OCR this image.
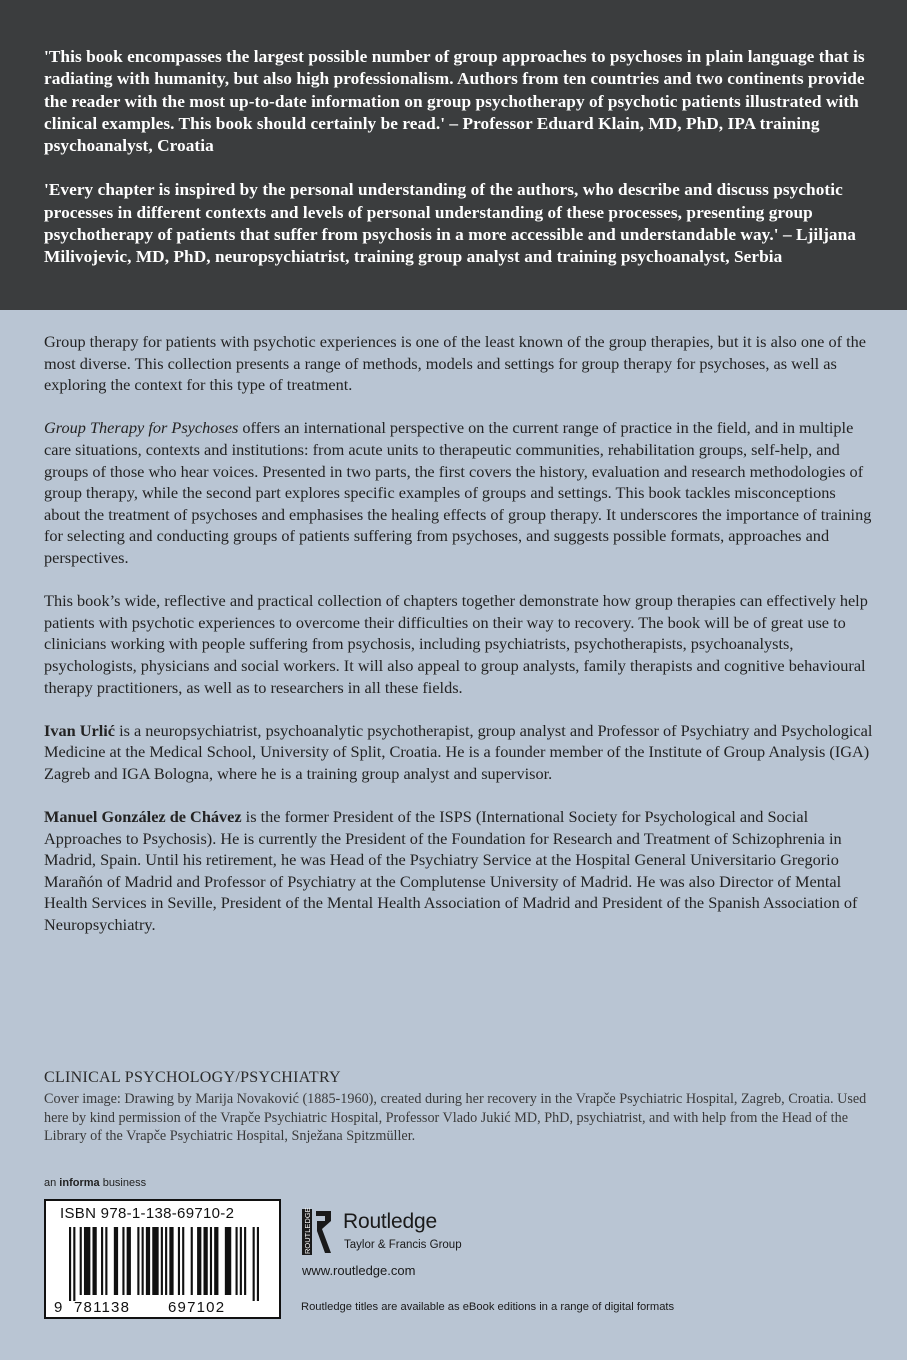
'This book encompasses the largest possible number of group approaches to psychoses in plain language that is radiating with humanity, but also high professionalism. Authors from ten countries and two continents provide the reader with the most up-to-date information on group psychotherapy of psychotic patients illustrated with clinical examples. This book should certainly be read.' – Professor Eduard Klain, MD, PhD, IPA training psychoanalyst, Croatia

'Every chapter is inspired by the personal understanding of the authors, who describe and discuss psychotic processes in different contexts and levels of personal understanding of these processes, presenting group psychotherapy of patients that suffer from psychosis in a more accessible and understandable way.' – Ljiljana Milivojevic, MD, PhD, neuropsychiatrist, training group analyst and training psychoanalyst, Serbia

Group therapy for patients with psychotic experiences is one of the least known of the group therapies, but it is also one of the most diverse. This collection presents a range of methods, models and settings for group therapy for psychoses, as well as exploring the context for this type of treatment.

Group Therapy for Psychoses offers an international perspective on the current range of practice in the field, and in multiple care situations, contexts and institutions: from acute units to therapeutic communities, rehabilitation groups, self-help, and groups of those who hear voices. Presented in two parts, the first covers the history, evaluation and research methodologies of group therapy, while the second part explores specific examples of groups and settings. This book tackles misconceptions about the treatment of psychoses and emphasises the healing effects of group therapy. It underscores the importance of training for selecting and conducting groups of patients suffering from psychoses, and suggests possible formats, approaches and perspectives.

This book’s wide, reflective and practical collection of chapters together demonstrate how group therapies can effectively help patients with psychotic experiences to overcome their difficulties on their way to recovery. The book will be of great use to clinicians working with people suffering from psychosis, including psychiatrists, psychotherapists, psychoanalysts, psychologists, physicians and social workers. It will also appeal to group analysts, family therapists and cognitive behavioural therapy practitioners, as well as to researchers in all these fields.

Ivan Urlić is a neuropsychiatrist, psychoanalytic psychotherapist, group analyst and Professor of Psychiatry and Psychological Medicine at the Medical School, University of Split, Croatia. He is a founder member of the Institute of Group Analysis (IGA) Zagreb and IGA Bologna, where he is a training group analyst and supervisor.

Manuel González de Chávez is the former President of the ISPS (International Society for Psychological and Social Approaches to Psychosis). He is currently the President of the Foundation for Research and Treatment of Schizophrenia in Madrid, Spain. Until his retirement, he was Head of the Psychiatry Service at the Hospital General Universitario Gregorio Marañón of Madrid and Professor of Psychiatry at the Complutense University of Madrid. He was also Director of Mental Health Services in Seville, President of the Mental Health Association of Madrid and President of the Spanish Association of Neuropsychiatry.

CLINICAL PSYCHOLOGY/PSYCHIATRY
Cover image: Drawing by Marija Novaković (1885-1960), created during her recovery in the Vrapče Psychiatric Hospital, Zagreb, Croatia. Used here by kind permission of the Vrapče Psychiatric Hospital, Professor Vlado Jukić MD, PhD, psychiatrist, and with help from the Head of the Library of the Vrapče Psychiatric Hospital, Snježana Spitzmüller.
an informa business
ISBN 978-1-138-69710-2
9 781138	697102
ROUTLEDGE Routledge
Taylor & Francis Group
www.routledge.com
Routledge titles are available as eBook editions in a range of digital formats
